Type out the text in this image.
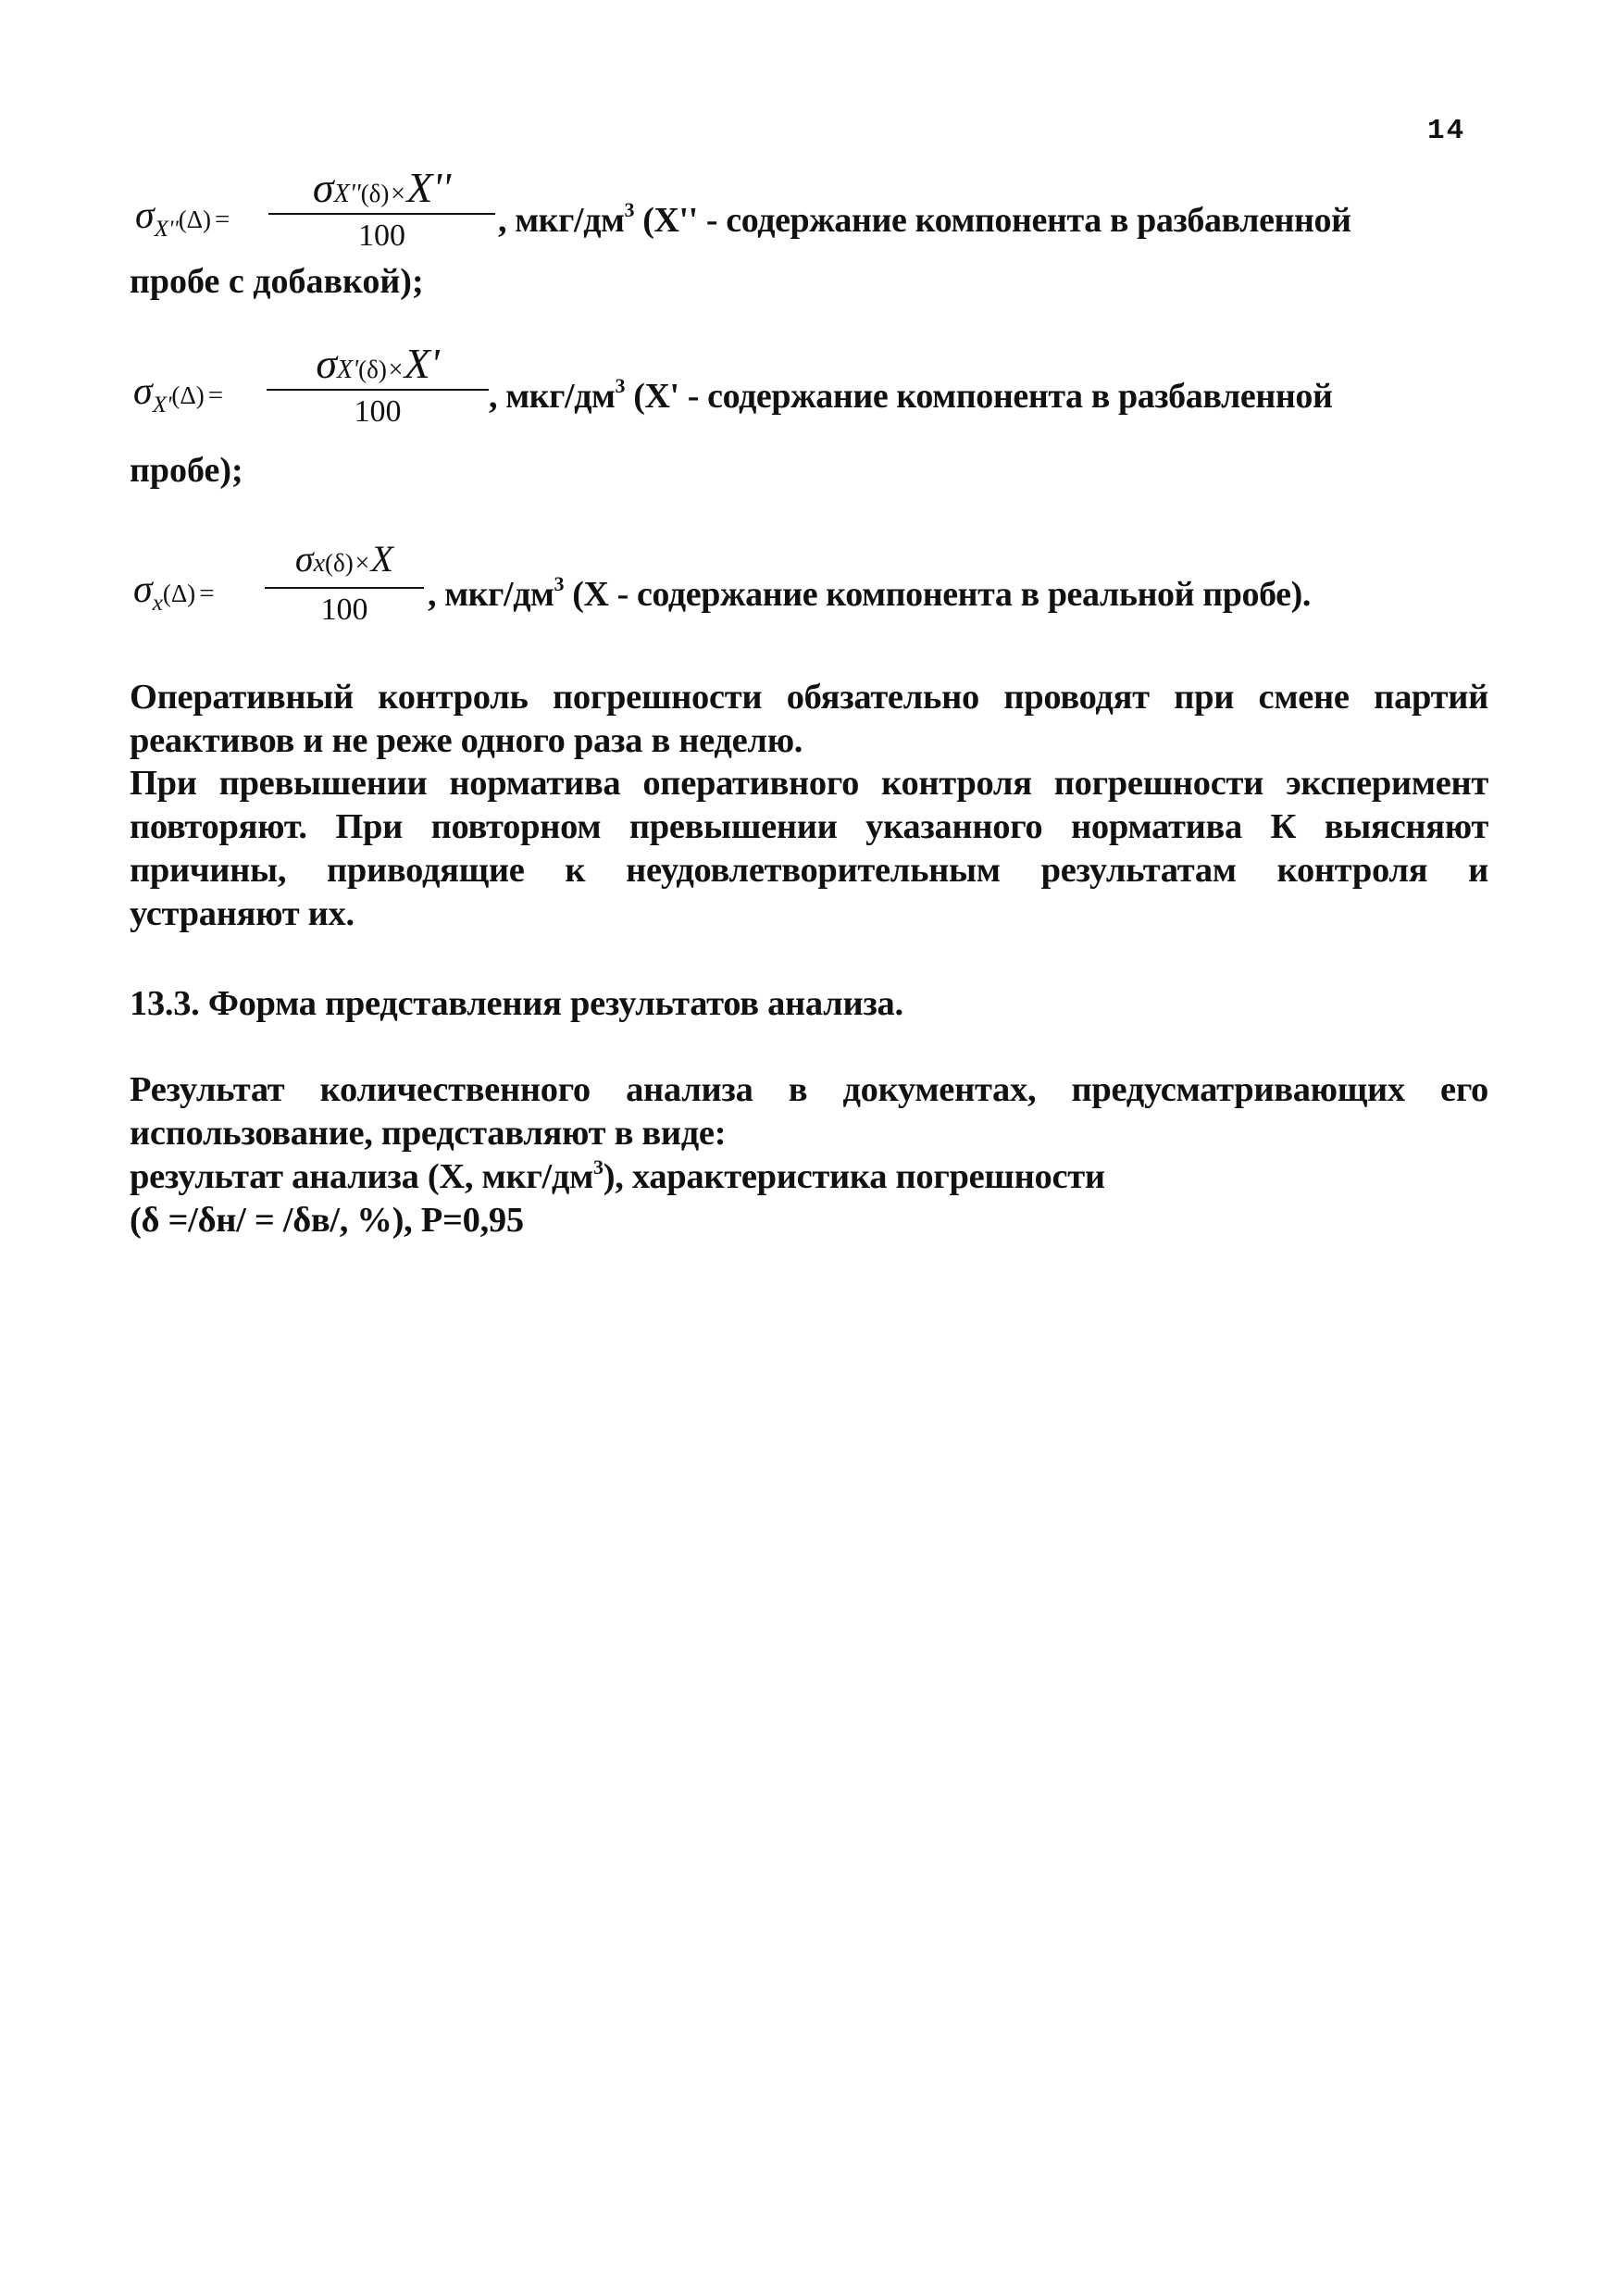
14
$\sigma_{X''}(\Delta)$ =
σX''(δ)×X''
100	, мкг/$дм^3$ (X'' - содержание компонента в разбавленной
пробе с добавкой);
$\sigma_{X'}(\Delta)$ =
σX'(δ)×X'
100	, мкг/$дм^3$ (X' - содержание компонента в разбавленной
пробе);
$\sigma_x(\Delta)$ =
σx(δ)×X
100	, мкг/$дм^3$ (X - содержание компонента в реальной пробе).
Оперативный контроль погрешности обязательно проводят при смене партий
реактивов и не реже одного раза в неделю.
При превышении норматива оперативного контроля погрешности эксперимент
повторяют. При повторном превышении указанного норматива К выясняют
причины, приводящие к неудовлетворительным результатам контроля и
устраняют их.
13.3. Форма представления результатов анализа.
Результат количественного анализа в документах, предусматривающих его
использование, представляют в виде:
результат анализа (X, мкг/$дм^3$), характеристика погрешности
(δ =/δн/ = /δв/, %), Р=0,95
